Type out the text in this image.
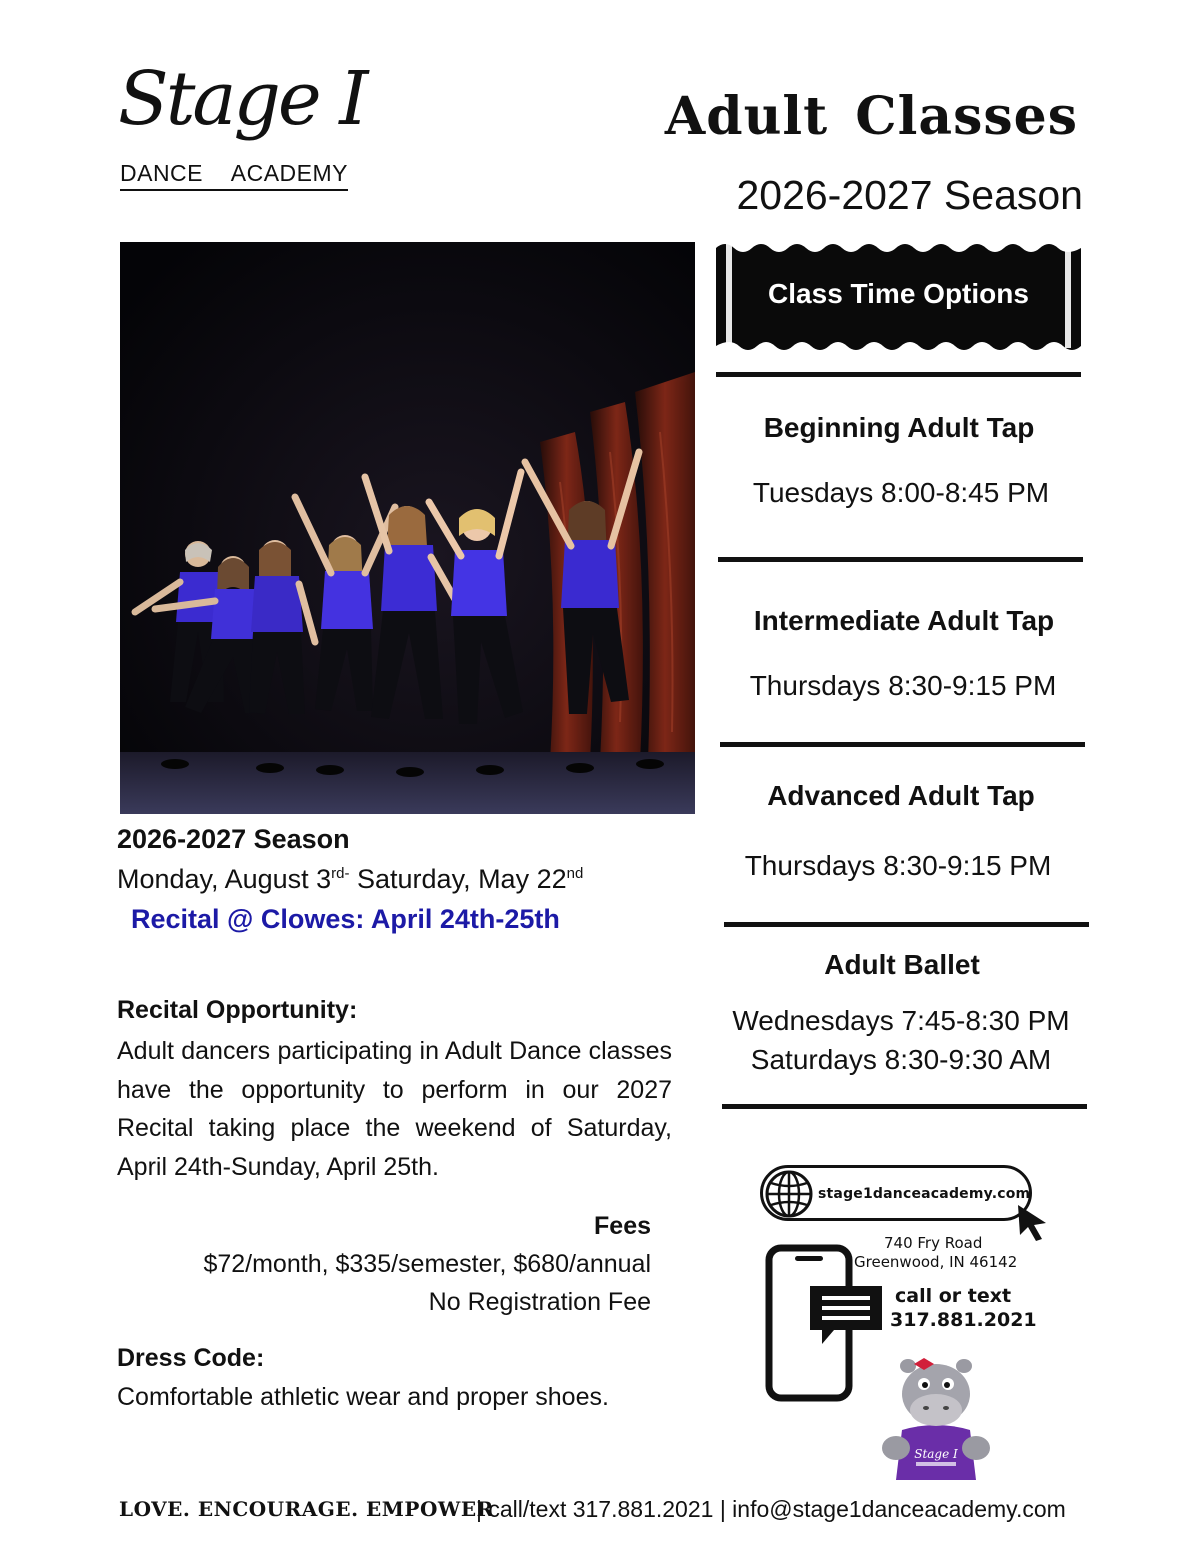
Stage I
DANCE ACADEMY
Adult Classes
2026-2027 Season
2026-2027 Season
Monday, August $3^{rd-}$ Saturday, May 22nd
Recital @ Clowes: April 24th-25th
Recital Opportunity:
Adult dancers participating in Adult Dance classes have the opportunity to perform in our 2027 Recital taking place the weekend of Saturday, April 24th-Sunday, April 25th.
Fees
$72/month, $335/semester, $680/annual
No Registration Fee
Dress Code:
Comfortable athletic wear and proper shoes.
Class Time Options
Beginning Adult Tap
Tuesdays 8:00-8:45 PM
Intermediate Adult Tap
Thursdays 8:30-9:15 PM
Advanced Adult Tap
Thursdays 8:30-9:15 PM
Adult Ballet
Wednesdays 7:45-8:30 PM
Saturdays 8:30-9:30 AM
stage1danceacademy.com
740 Fry Road
Greenwood, IN 46142
call or text
317.881.2021
Stage I
LOVE. ENCOURAGE. EMPOWER
| call/text 317.881.2021 | info@stage1danceacademy.com
